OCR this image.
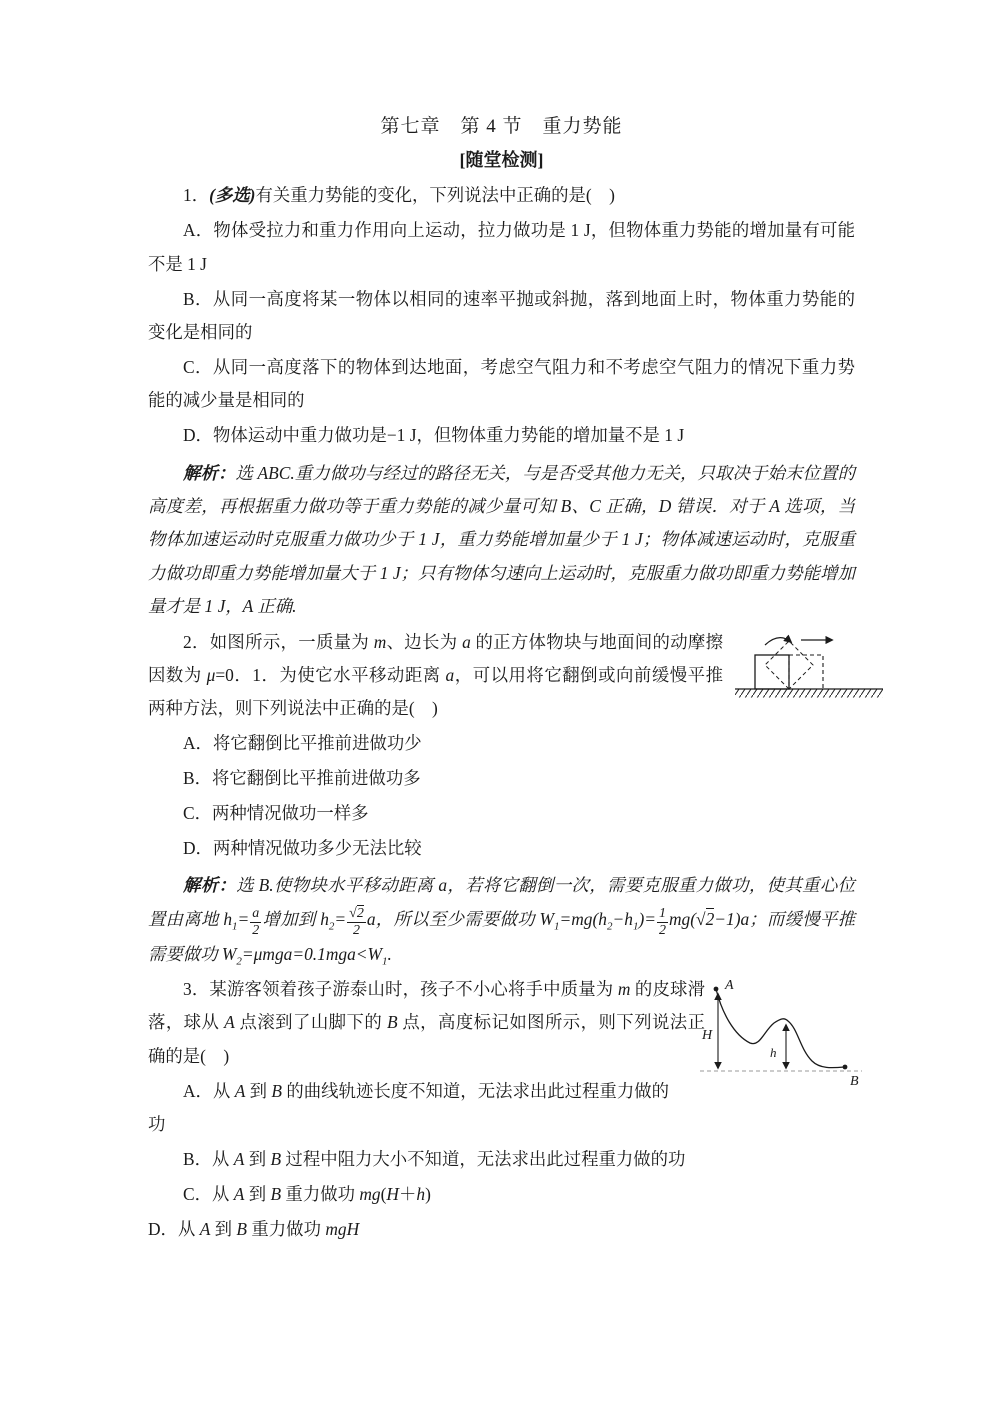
第七章　第 4 节　重力势能

[随堂检测]

1．(多选)有关重力势能的变化，下列说法中正确的是(　)

A．物体受拉力和重力作用向上运动，拉力做功是 1 J，但物体重力势能的增加量有可能不是 1 J

B．从同一高度将某一物体以相同的速率平抛或斜抛，落到地面上时，物体重力势能的变化是相同的

C．从同一高度落下的物体到达地面，考虑空气阻力和不考虑空气阻力的情况下重力势能的减少量是相同的

D．物体运动中重力做功是−1 J，但物体重力势能的增加量不是 1 J

解析：选 ABC.重力做功与经过的路径无关，与是否受其他力无关，只取决于始末位置的高度差，再根据重力做功等于重力势能的减少量可知 B、C 正确，D 错误．对于 A 选项，当物体加速运动时克服重力做功少于 1 J，重力势能增加量少于 1 J；物体减速运动时，克服重力做功即重力势能增加量大于 1 J；只有物体匀速向上运动时，克服重力做功即重力势能增加量才是 1 J，A 正确.

2．如图所示，一质量为 m、边长为 a 的正方体物块与地面间的动摩擦因数为 μ=0．1．为使它水平移动距离 a，可以用将它翻倒或向前缓慢平推两种方法，则下列说法中正确的是(　)

A．将它翻倒比平推前进做功少

B．将它翻倒比平推前进做功多

C．两种情况做功一样多

D．两种情况做功多少无法比较

解析：选 B.使物块水平移动距离 a，若将它翻倒一次，需要克服重力做功，使其重心位置由离地 $h_1= \frac{a}{2}$ 增加到 $h_2= \frac{√2}{2}$ a，所以至少需要做功 $W_1=mg(h_2-h_1)= \frac{1}{2} mg(√2-1)a$；而缓慢平推需要做功 $W_2=\mu mga=0.1mga<W_1$.

A
B
H
h

3．某游客领着孩子游泰山时，孩子不小心将手中质量为 m 的皮球滑落，球从 A 点滚到了山脚下的 B 点，高度标记如图所示，则下列说法正确的是(　)

A．从 A 到 B 的曲线轨迹长度不知道，无法求出此过程重力做的
功

B．从 A 到 B 过程中阻力大小不知道，无法求出此过程重力做的功

C．从 A 到 B 重力做功 mg(H＋h)

D．从 A 到 B 重力做功 mgH
